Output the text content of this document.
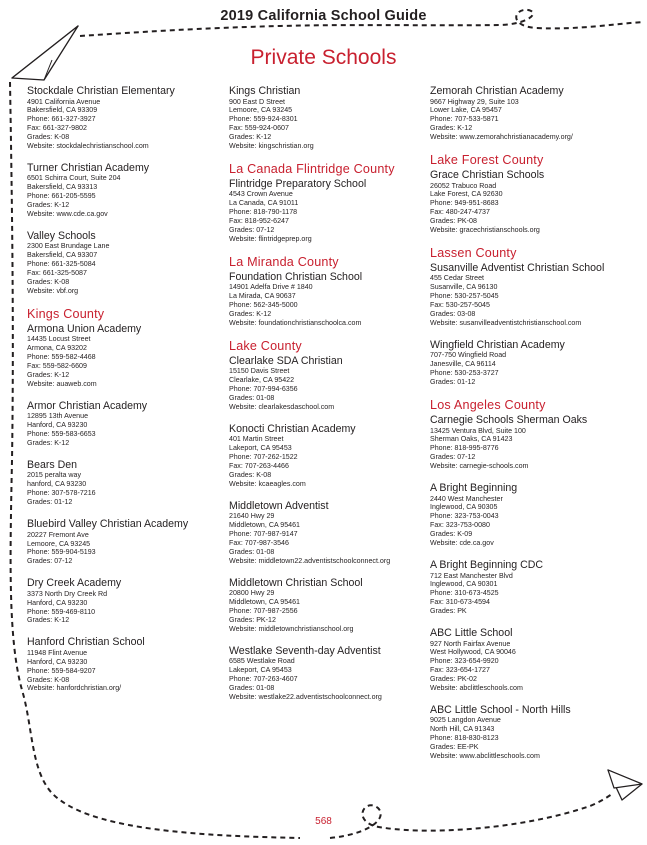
2019 California School Guide
Private Schools
Stockdale Christian Elementary
4901 California Avenue
Bakersfield, CA 93309
Phone: 661-327-3927
Fax: 661-327-9802
Grades: K-08
Website: stockdalechristianschool.com
Turner Christian Academy
6501 Schirra Court, Suite 204
Bakersfield, CA 93313
Phone: 661-205-5595
Grades: K-12
Website: www.cde.ca.gov
Valley Schools
2300 East Brundage Lane
Bakersfield, CA 93307
Phone: 661-325-5084
Fax: 661-325-5087
Grades: K-08
Website: vbf.org
Kings County
Armona Union Academy
14435 Locust Street
Armona, CA 93202
Phone: 559-582-4468
Fax: 559-582-6609
Grades: K-12
Website: auaweb.com
Armor Christian Academy
12895 13th Avenue
Hanford, CA 93230
Phone: 559-583-6653
Grades: K-12
Bears Den
2015 peralta way
hanford, CA 93230
Phone: 307-578-7216
Grades: 01-12
Bluebird Valley Christian Academy
20227 Fremont Ave
Lemoore, CA 93245
Phone: 559-904-5193
Grades: 07-12
Dry Creek Academy
3373 North Dry Creek Rd
Hanford, CA 93230
Phone: 559-469-8110
Grades: K-12
Hanford Christian School
11948 Flint Avenue
Hanford, CA 93230
Phone: 559-584-9207
Grades: K-08
Website: hanfordchristian.org/
Kings Christian
900 East D Street
Lemoore, CA 93245
Phone: 559-924-8301
Fax: 559-924-0607
Grades: K-12
Website: kingschristian.org
La Canada Flintridge County
Flintridge Preparatory School
4543 Crown Avenue
La Canada, CA 91011
Phone: 818-790-1178
Fax: 818-952-6247
Grades: 07-12
Website: flintridgeprep.org
La Miranda County
Foundation Christian School
14901 Adelfa Drive # 1840
La Mirada, CA 90637
Phone: 562-345-5000
Grades: K-12
Website: foundationchristianschoolca.com
Lake County
Clearlake SDA Christian
15150 Davis Street
Clearlake, CA 95422
Phone: 707-994-6356
Grades: 01-08
Website: clearlakesdaschool.com
Konocti Christian Academy
401 Martin Street
Lakeport, CA 95453
Phone: 707-262-1522
Fax: 707-263-4466
Grades: K-08
Website: kcaeagles.com
Middletown Adventist
21640 Hwy 29
Middletown, CA 95461
Phone: 707-987-9147
Fax: 707-987-3546
Grades: 01-08
Website: middletown22.adventistschoolconnect.org
Middletown Christian School
20800 Hwy 29
Middletown, CA 95461
Phone: 707-987-2556
Grades: PK-12
Website: middletownchristianschool.org
Westlake Seventh-day Adventist
6585 Westlake Road
Lakeport, CA 95453
Phone: 707-263-4607
Grades: 01-08
Website: westlake22.adventistschoolconnect.org
Zemorah Christian Academy
9667 Highway 29, Suite 103
Lower Lake, CA 95457
Phone: 707-533-5871
Grades: K-12
Website: www.zemorahchristianacademy.org/
Lake Forest County
Grace Christian Schools
26052 Trabuco Road
Lake Forest, CA 92630
Phone: 949-951-8683
Fax: 480-247-4737
Grades: PK-08
Website: gracechristianschools.org
Lassen County
Susanville Adventist Christian School
455 Cedar Street
Susanville, CA 96130
Phone: 530-257-5045
Fax: 530-257-5045
Grades: 03-08
Website: susanvilleadventistchristianschool.com
Wingfield Christian Academy
707-750 Wingfield Road
Janesville, CA 96114
Phone: 530-253-3727
Grades: 01-12
Los Angeles County
Carnegie Schools Sherman Oaks
13425 Ventura Blvd, Suite 100
Sherman Oaks, CA 91423
Phone: 818-995-8776
Grades: 07-12
Website: carnegie-schools.com
A Bright Beginning
2440 West Manchester
Inglewood, CA 90305
Phone: 323-753-0043
Fax: 323-753-0080
Grades: K-09
Website: cde.ca.gov
A Bright Beginning CDC
712 East Manchester Blvd
Inglewood, CA 90301
Phone: 310-673-4525
Fax: 310-673-4594
Grades: PK
ABC Little School
927 North Fairfax Avenue
West Hollywood, CA 90046
Phone: 323-654-9920
Fax: 323-654-1727
Grades: PK-02
Website: abclittleschools.com
ABC Little School - North Hills
9025 Langdon Avenue
North Hill, CA 91343
Phone: 818-830-8123
Grades: EE-PK
Website: www.abclittleschools.com
568
